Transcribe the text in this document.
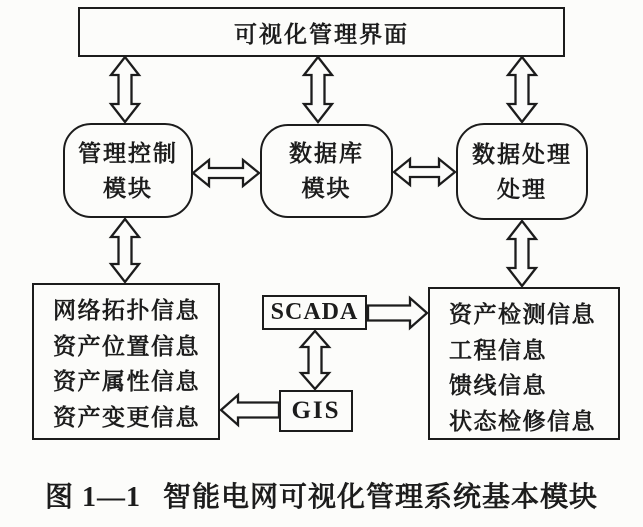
可视化管理界面
管理控制
模块
数据库
模块
数据处理
处理
网络拓扑信息
资产位置信息
资产属性信息
资产变更信息
SCADA
GIS
资产检测信息
工程信息
馈线信息
状态检修信息
图 1—1 智能电网可视化管理系统基本模块
